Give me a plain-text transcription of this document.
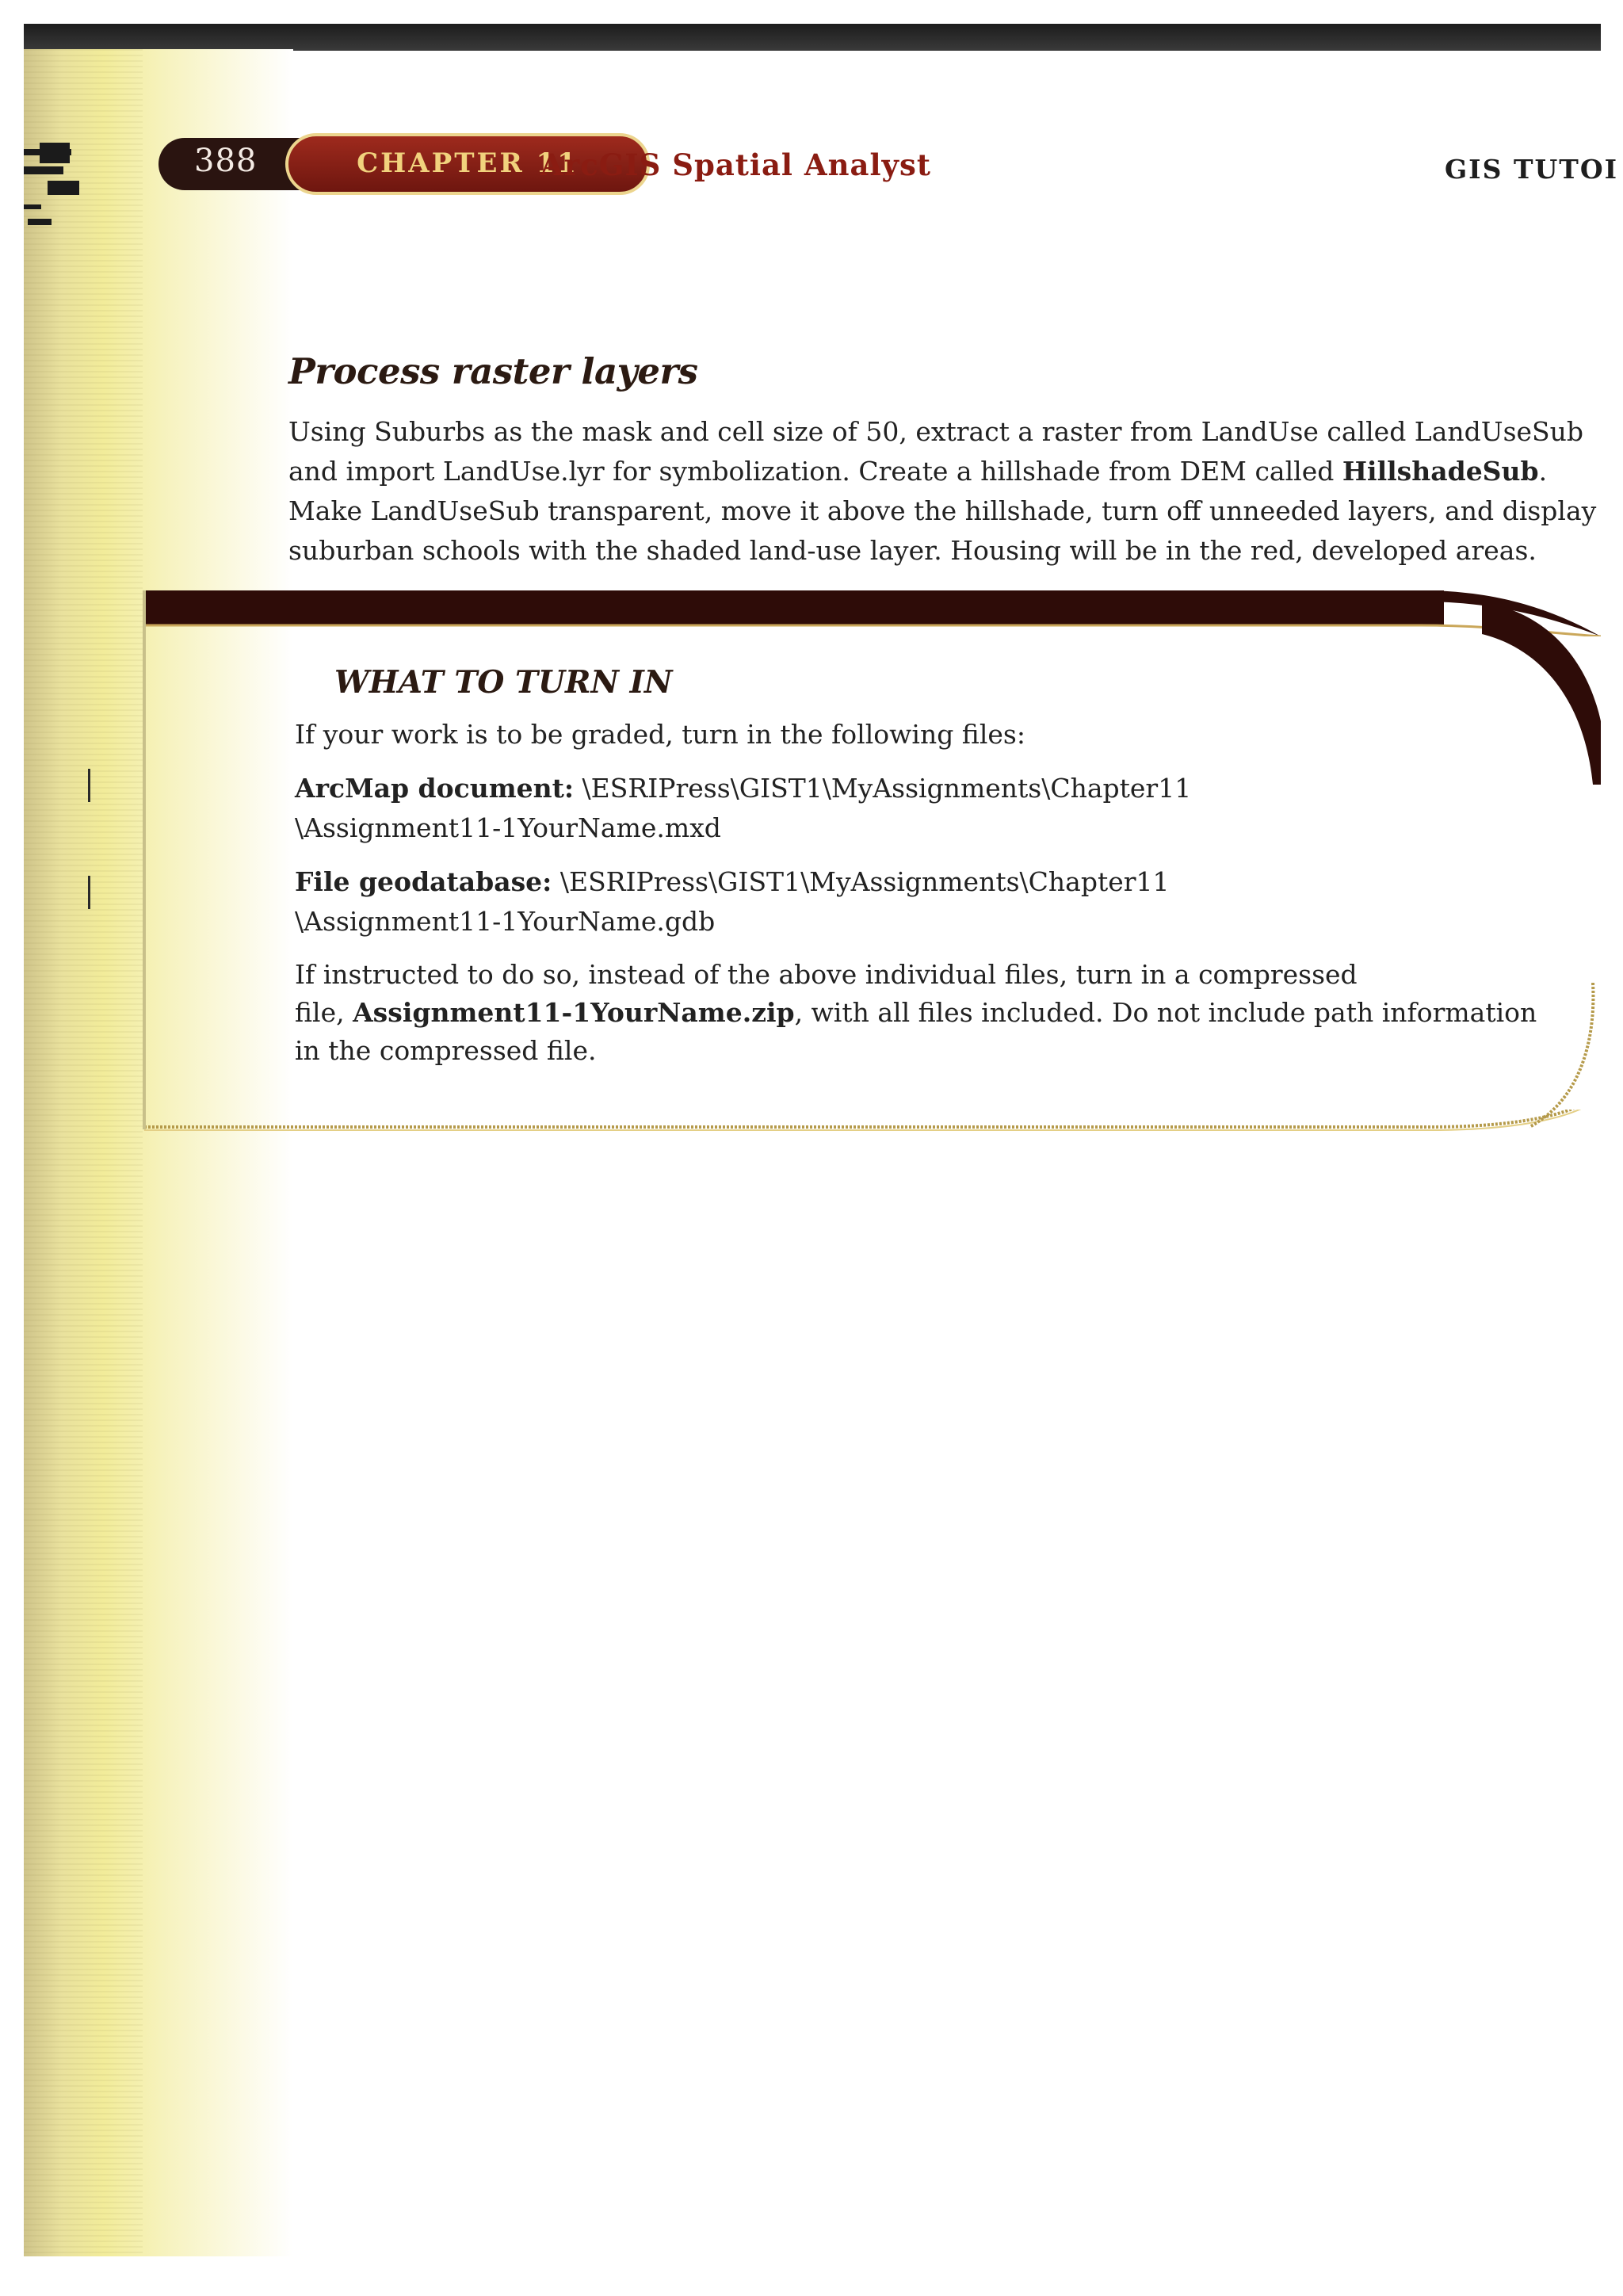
388	CHAPTER 11
ArcGIS Spatial Analyst	GIS TUTOI
Process raster layers
Using Suburbs as the mask and cell size of 50, extract a raster from LandUse called LandUseSub
and import LandUse.lyr for symbolization. Create a hillshade from DEM called HillshadeSub.
Make LandUseSub transparent, move it above the hillshade, turn off unneeded layers, and display
suburban schools with the shaded land-use layer. Housing will be in the red, developed areas.
WHAT TO TURN IN

If your work is to be graded, turn in the following files:

ArcMap document: \ESRIPress\GIST1\MyAssignments\Chapter11
\Assignment11-1YourName.mxd

File geodatabase: \ESRIPress\GIST1\MyAssignments\Chapter11
\Assignment11-1YourName.gdb

If instructed to do so, instead of the above individual files, turn in a compressed
file, Assignment11-1YourName.zip, with all files included. Do not include path information
in the compressed file.
